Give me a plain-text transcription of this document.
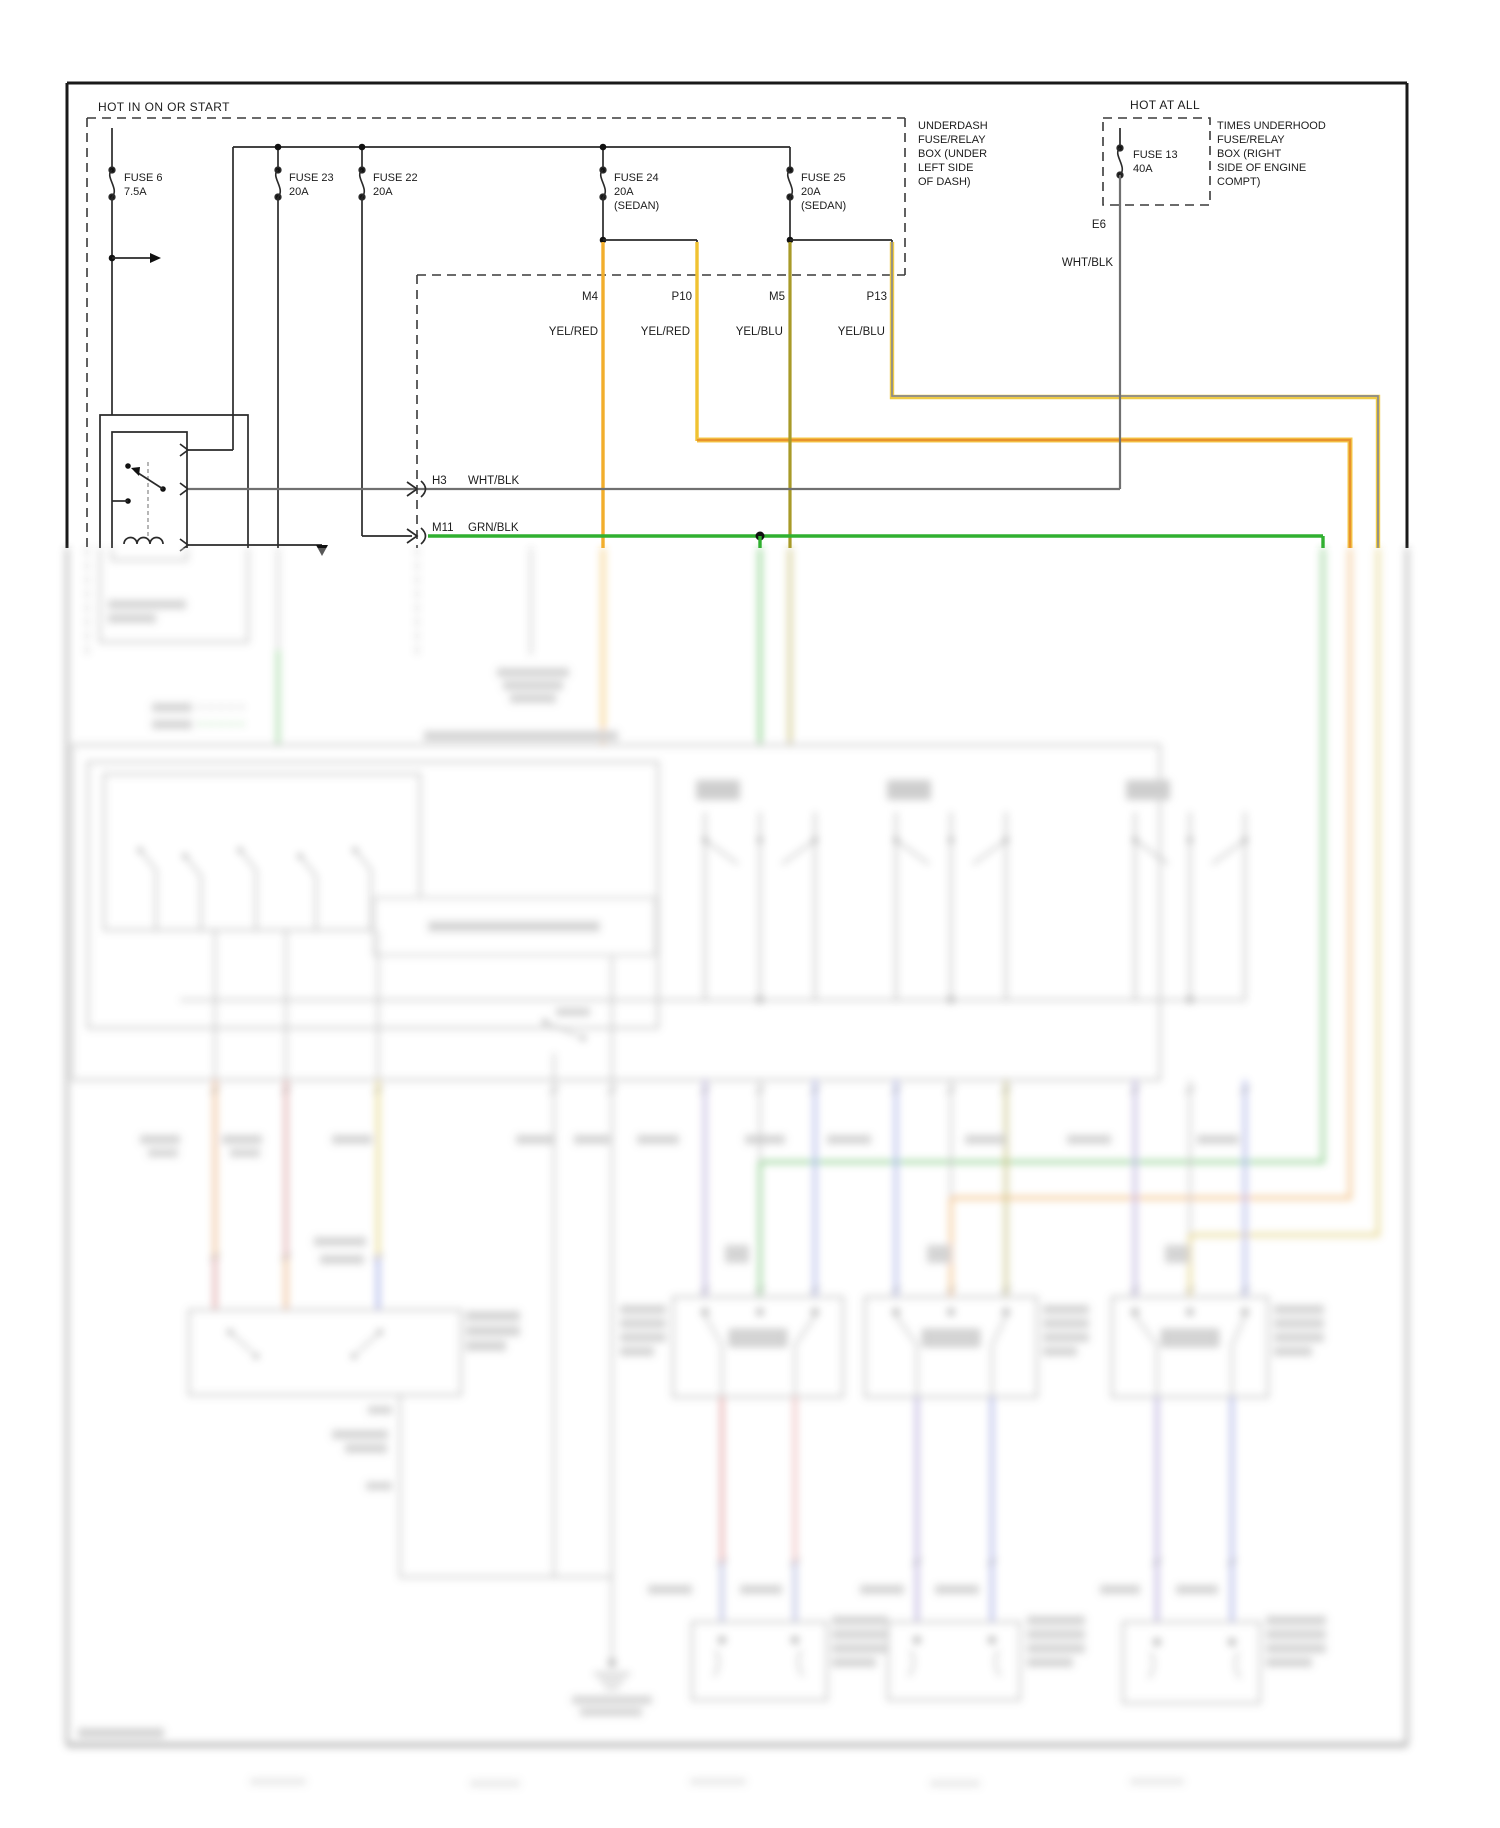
HOT IN ON OR START
UNDERDASH
FUSE/RELAY
BOX (UNDER
LEFT SIDE
OF DASH)
FUSE 6
7.5A
FUSE 23
20A
FUSE 22
20A
FUSE 24
20A
(SEDAN)
FUSE 25
20A
(SEDAN)
M4
YEL/RED
P10
YEL/RED
M5
YEL/BLU
P13
YEL/BLU
HOT AT ALL
TIMES UNDERHOOD
FUSE/RELAY
BOX (RIGHT
SIDE OF ENGINE
COMPT)
FUSE 13
40A
E6
WHT/BLK
H3 WHT/BLK
M11 GRN/BLK
